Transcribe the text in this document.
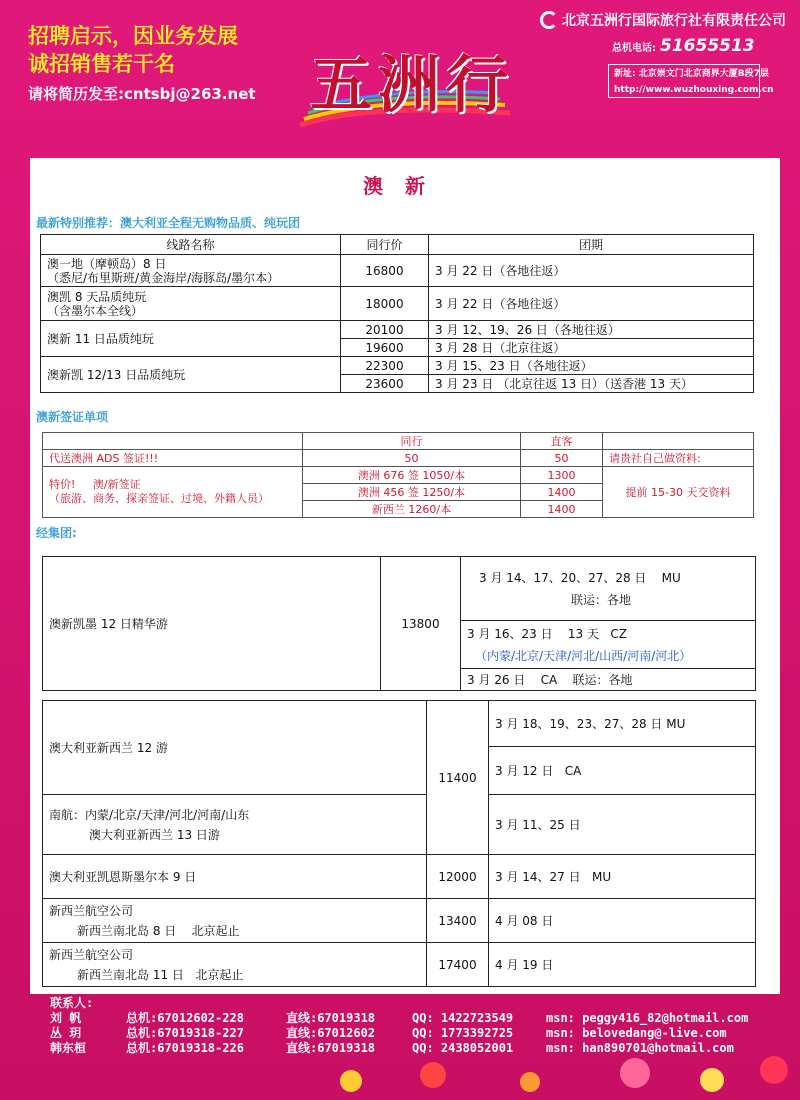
招聘启示，因业务发展
诚招销售若干名
请将简历发至:cntsbj@263.net 五洲行
北京五洲行国际旅行社有限责任公司
总机电话: 51655513
新址: 北京崇文门北京商界大厦B段7层
http://www.wuzhouxing.com.cn
澳新
最新特别推荐：澳大利亚全程无购物品质、纯玩团
线路名称	同行价	团期
澳一地（摩顿岛）8 日
（悉尼/布里斯班/黄金海岸/海豚岛/墨尔本）	16800	3 月 22 日（各地往返）
澳凯 8 天品质纯玩
（含墨尔本全线）	18000	3 月 22 日（各地往返）
澳新 11 日品质纯玩	20100	3 月 12、19、26 日（各地往返）
	19600	3 月 28 日（北京往返）
澳新凯 12/13 日品质纯玩	22300	3 月 15、23 日（各地往返）
	23600	3 月 23 日 （北京往返 13 日）（送香港 13 天）
澳新签证单项
	同行	直客	
代送澳洲 ADS 签证!!!	50	50	请贵社自己做资料:

特价!     澳/新签证
（旅游、商务、探亲签证、过境、外籍人员）	澳洲 676 签 1050/本	1300	提前 15-30 天交资料
	澳洲 456 签 1250/本	1400	
	新西兰 1260/本	1400	
经集团:
澳新凯墨 12 日精华游	13800	
3 月 14、17、20、27、28 日    MU
联运：各地

3 月 16、23 日    13 天   CZ
（内蒙/北京/天津/河北/山西/河南/河北）

3 月 26 日    CA    联运：各地
澳大利亚新西兰 12 游	11400	3 月 18、19、23、27、28 日 MU
		3 月 12 日   CA

南航：内蒙/北京/天津/河北/河南/山东
澳大利亚新西兰 13 日游		3 月 11、25 日
澳大利亚凯恩斯墨尔本 9 日	12000	3 月 14、27 日   MU

新西兰航空公司
新西兰南北岛 8 日    北京起止	13400	4 月 08 日

新西兰航空公司
新西兰南北岛 11 日   北京起止	17400	4 月 19 日
联系人:
刘 帆	总机:67012602-228	直线:67019318	QQ: 1422723549	msn: peggy416_82@hotmail.com
丛 玥	总机:67019318-227	直线:67012602	QQ: 1773392725	msn: belovedang@-live.com
韩东桓	总机:67019318-226	直线:67019318	QQ: 2438052001	msn: han890701@hotmail.com
